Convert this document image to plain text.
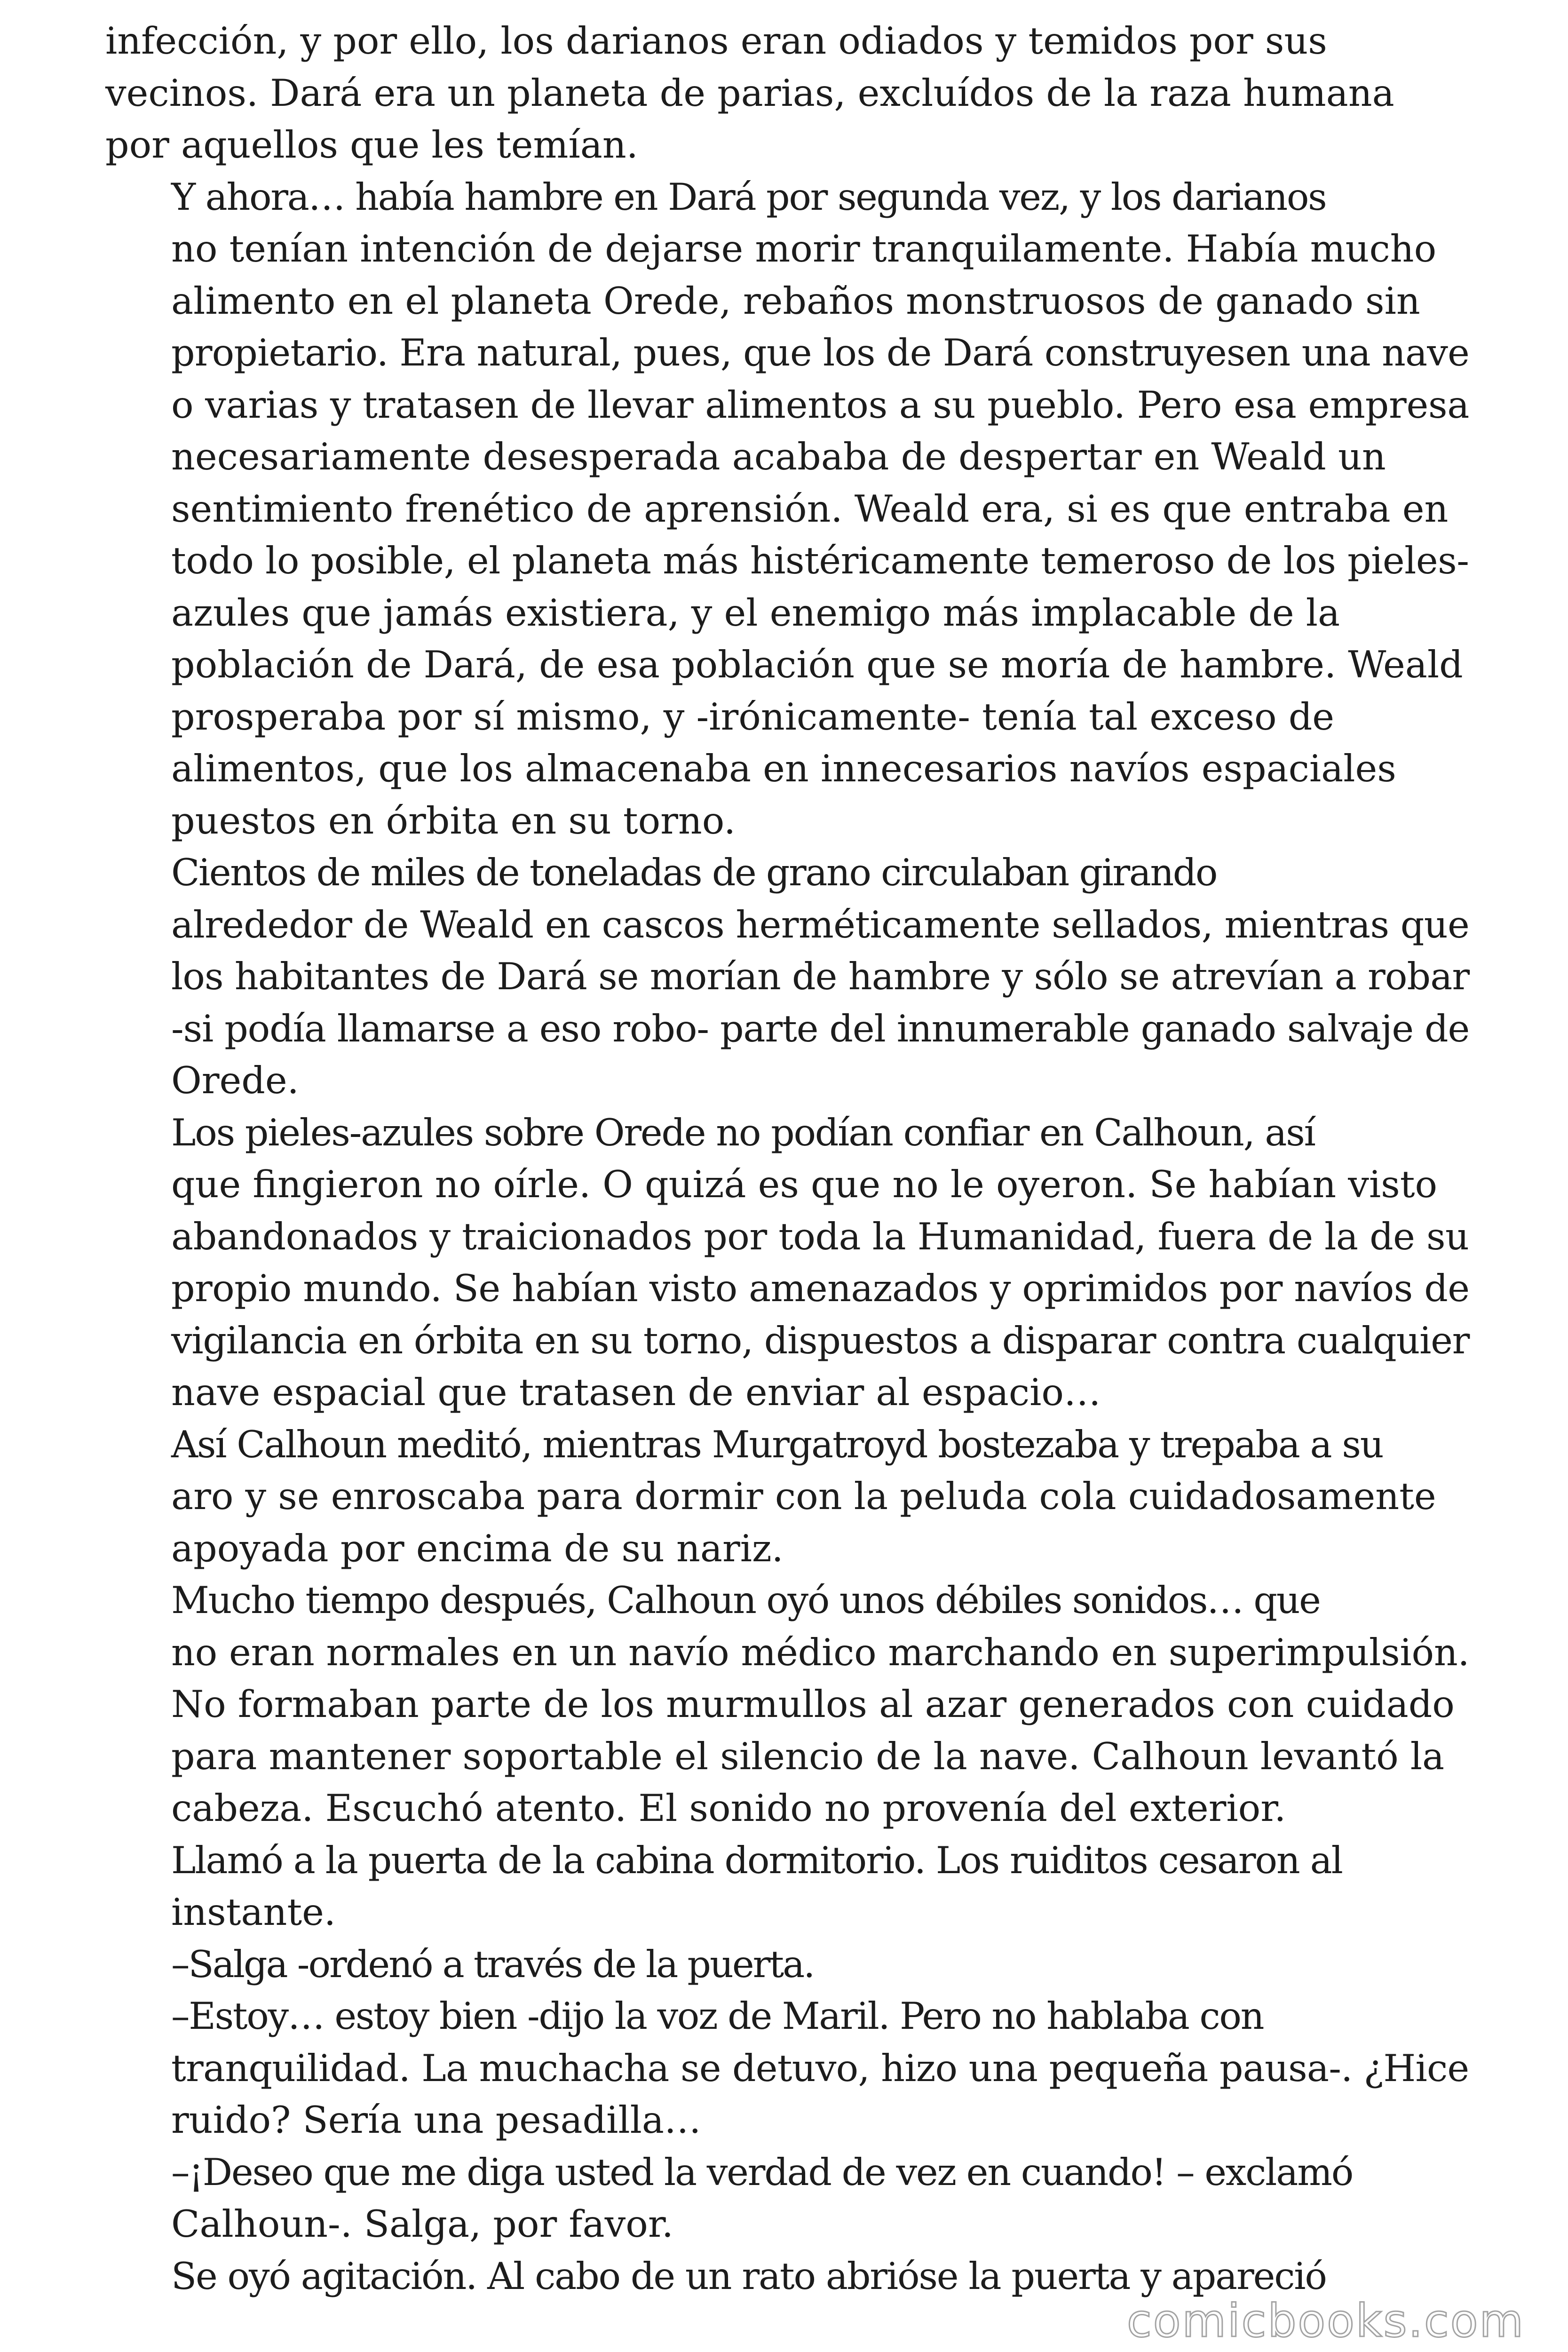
infección, y por ello, los darianos eran odiados y temidos por sus
vecinos. Dará era un planeta de parias, excluídos de la raza humana
por aquellos que les temían.

Y ahora… había hambre en Dará por segunda vez, y los darianos
no tenían intención de dejarse morir tranquilamente. Había mucho
alimento en el planeta Orede, rebaños monstruosos de ganado sin
propietario. Era natural, pues, que los de Dará construyesen una nave
o varias y tratasen de llevar alimentos a su pueblo. Pero esa empresa
necesariamente desesperada acababa de despertar en Weald un
sentimiento frenético de aprensión. Weald era, si es que entraba en
todo lo posible, el planeta más histéricamente temeroso de los pieles-
azules que jamás existiera, y el enemigo más implacable de la
población de Dará, de esa población que se moría de hambre. Weald
prosperaba por sí mismo, y -irónicamente- tenía tal exceso de
alimentos, que los almacenaba en innecesarios navíos espaciales
puestos en órbita en su torno.

Cientos de miles de toneladas de grano circulaban girando
alrededor de Weald en cascos herméticamente sellados, mientras que
los habitantes de Dará se morían de hambre y sólo se atrevían a robar
-si podía llamarse a eso robo- parte del innumerable ganado salvaje de
Orede.

Los pieles-azules sobre Orede no podían confiar en Calhoun, así
que fingieron no oírle. O quizá es que no le oyeron. Se habían visto
abandonados y traicionados por toda la Humanidad, fuera de la de su
propio mundo. Se habían visto amenazados y oprimidos por navíos de
vigilancia en órbita en su torno, dispuestos a disparar contra cualquier
nave espacial que tratasen de enviar al espacio…

Así Calhoun meditó, mientras Murgatroyd bostezaba y trepaba a su
aro y se enroscaba para dormir con la peluda cola cuidadosamente
apoyada por encima de su nariz.

Mucho tiempo después, Calhoun oyó unos débiles sonidos… que
no eran normales en un navío médico marchando en superimpulsión.
No formaban parte de los murmullos al azar generados con cuidado
para mantener soportable el silencio de la nave. Calhoun levantó la
cabeza. Escuchó atento. El sonido no provenía del exterior.

Llamó a la puerta de la cabina dormitorio. Los ruiditos cesaron al
instante.

–Salga -ordenó a través de la puerta.

–Estoy… estoy bien -dijo la voz de Maril. Pero no hablaba con
tranquilidad. La muchacha se detuvo, hizo una pequeña pausa-. ¿Hice
ruido? Sería una pesadilla…

–¡Deseo que me diga usted la verdad de vez en cuando! – exclamó
Calhoun-. Salga, por favor.

Se oyó agitación. Al cabo de un rato abrióse la puerta y apareció

comicbooks.com
